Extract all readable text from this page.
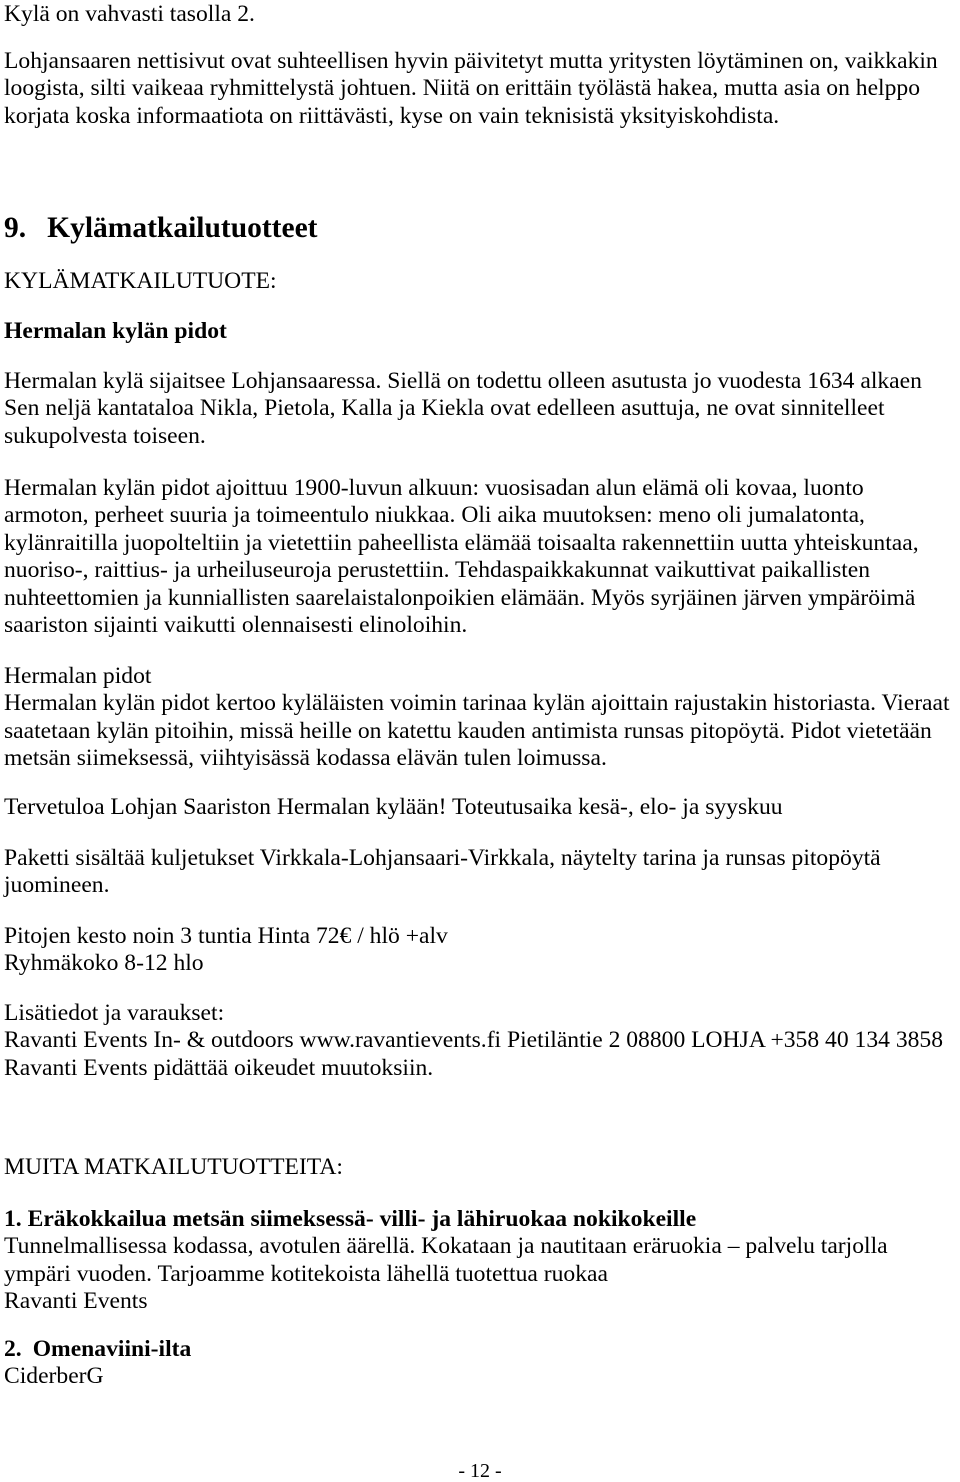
Kylä on vahvasti tasolla 2.
Lohjansaaren nettisivut ovat suhteellisen hyvin päivitetyt mutta yritysten löytäminen on, vaikkakin
loogista, silti vaikeaa ryhmittelystä johtuen. Niitä on erittäin työlästä hakea, mutta asia on helppo
korjata koska informaatiota on riittävästi, kyse on vain teknisistä yksityiskohdista.
9. Kylämatkailutuotteet
KYLÄMATKAILUTUOTE:
Hermalan kylän pidot
Hermalan kylä sijaitsee Lohjansaaressa. Siellä on todettu olleen asutusta jo vuodesta 1634 alkaen
Sen neljä kantataloa Nikla, Pietola, Kalla ja Kiekla ovat edelleen asuttuja, ne ovat sinnitelleet
sukupolvesta toiseen.
Hermalan kylän pidot ajoittuu 1900-luvun alkuun: vuosisadan alun elämä oli kovaa, luonto
armoton, perheet suuria ja toimeentulo niukkaa. Oli aika muutoksen: meno oli jumalatonta,
kylänraitilla juopolteltiin ja vietettiin paheellista elämää toisaalta rakennettiin uutta yhteiskuntaa,
nuoriso-, raittius- ja urheiluseuroja perustettiin. Tehdaspaikkakunnat vaikuttivat paikallisten
nuhteettomien ja kunniallisten saarelaistalonpoikien elämään. Myös syrjäinen järven ympäröimä
saariston sijainti vaikutti olennaisesti elinoloihin.
Hermalan pidot
Hermalan kylän pidot kertoo kyläläisten voimin tarinaa kylän ajoittain rajustakin historiasta. Vieraat
saatetaan kylän pitoihin, missä heille on katettu kauden antimista runsas pitopöytä. Pidot vietetään
metsän siimeksessä, viihtyisässä kodassa elävän tulen loimussa.
Tervetuloa Lohjan Saariston Hermalan kylään! Toteutusaika kesä-, elo- ja syyskuu
Paketti sisältää kuljetukset Virkkala-Lohjansaari-Virkkala, näytelty tarina ja runsas pitopöytä
juomineen.
Pitojen kesto noin 3 tuntia Hinta 72€ / hlö +alv
Ryhmäkoko 8-12 hlo
Lisätiedot ja varaukset:
Ravanti Events In- & outdoors www.ravantievents.fi Pietiläntie 2 08800 LOHJA +358 40 134 3858
Ravanti Events pidättää oikeudet muutoksiin.
MUITA MATKAILUTUOTTEITA:
1. Eräkokkailua metsän siimeksessä- villi- ja lähiruokaa nokikokeille
Tunnelmallisessa kodassa, avotulen äärellä. Kokataan ja nautitaan eräruokia – palvelu tarjolla
ympäri vuoden. Tarjoamme kotitekoista lähellä tuotettua ruokaa
Ravanti Events
2. Omenaviini-ilta
CiderberG
- 12 -
